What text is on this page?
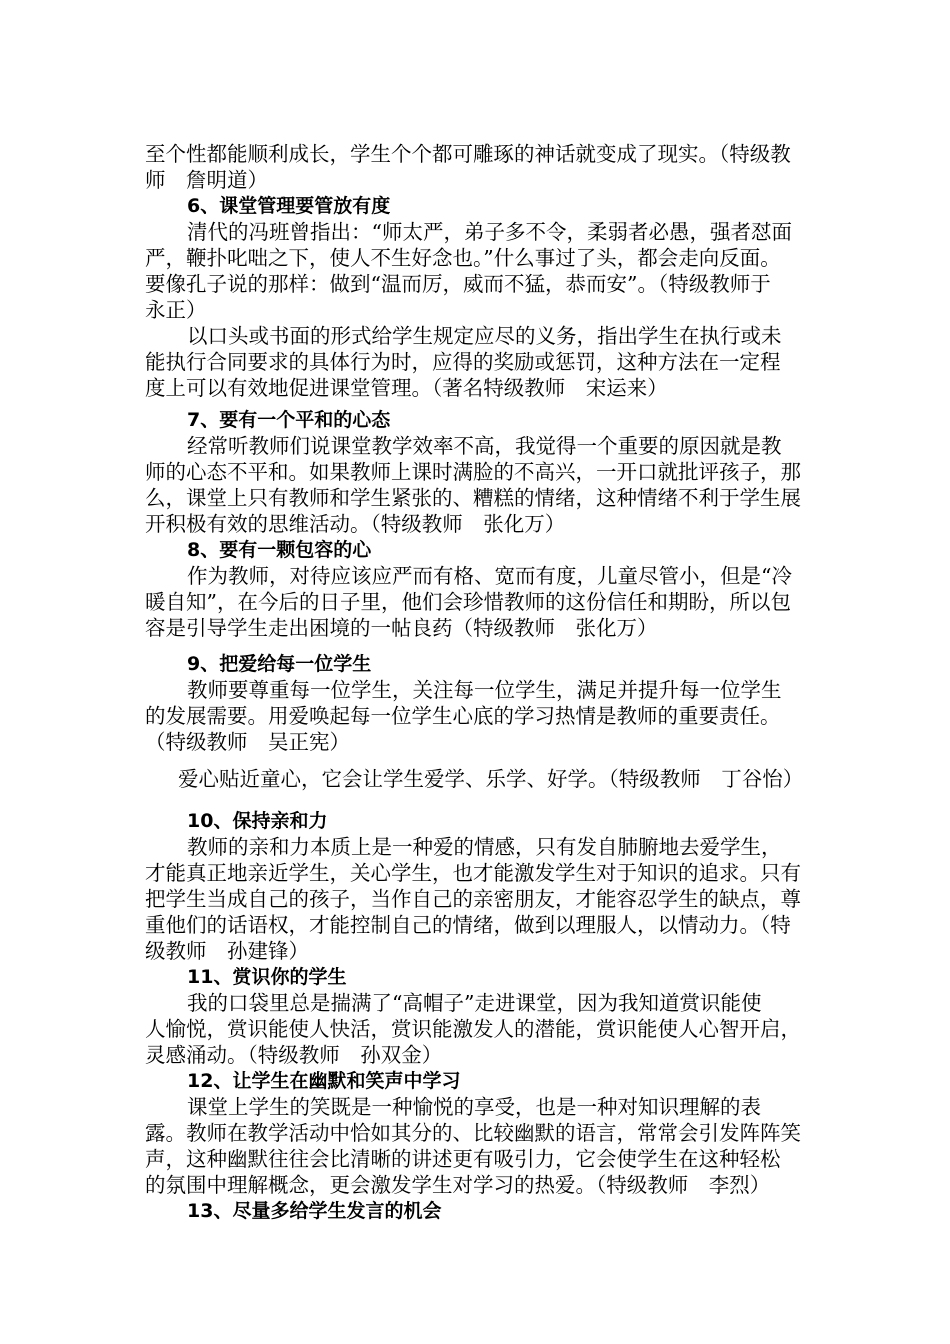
至个性都能顺利成长，学生个个都可雕琢的神话就变成了现实。（特级教
师　詹明道）
6、课堂管理要管放有度
清代的冯班曾指出：“师太严，弟子多不令，柔弱者必愚，强者怼面
严，鞭扑叱咄之下，使人不生好念也。”什么事过了头，都会走向反面。
要像孔子说的那样：做到“温而厉，威而不猛，恭而安”。（特级教师于
永正）
以口头或书面的形式给学生规定应尽的义务，指出学生在执行或未
能执行合同要求的具体行为时，应得的奖励或惩罚，这种方法在一定程
度上可以有效地促进课堂管理。（著名特级教师　宋运来）
7、要有一个平和的心态
经常听教师们说课堂教学效率不高，我觉得一个重要的原因就是教
师的心态不平和。如果教师上课时满脸的不高兴，一开口就批评孩子，那
么，课堂上只有教师和学生紧张的、糟糕的情绪，这种情绪不利于学生展
开积极有效的思维活动。（特级教师　张化万）
8、要有一颗包容的心
作为教师，对待应该应严而有格、宽而有度，儿童尽管小，但是“冷
暖自知”，在今后的日子里，他们会珍惜教师的这份信任和期盼，所以包
容是引导学生走出困境的一帖良药（特级教师　张化万）
9、把爱给每一位学生
教师要尊重每一位学生，关注每一位学生，满足并提升每一位学生
的发展需要。用爱唤起每一位学生心底的学习热情是教师的重要责任。
（特级教师　吴正宪）
爱心贴近童心，它会让学生爱学、乐学、好学。（特级教师　丁谷怡）
10、保持亲和力
教师的亲和力本质上是一种爱的情感，只有发自肺腑地去爱学生，
才能真正地亲近学生，关心学生，也才能激发学生对于知识的追求。只有
把学生当成自己的孩子，当作自己的亲密朋友，才能容忍学生的缺点，尊
重他们的话语权，才能控制自己的情绪，做到以理服人，以情动力。（特
级教师　孙建锋）
11、赏识你的学生
我的口袋里总是揣满了“高帽子”走进课堂，因为我知道赏识能使
人愉悦，赏识能使人快活，赏识能激发人的潜能，赏识能使人心智开启，
灵感涌动。（特级教师　孙双金）
12、让学生在幽默和笑声中学习
课堂上学生的笑既是一种愉悦的享受，也是一种对知识理解的表
露。教师在教学活动中恰如其分的、比较幽默的语言，常常会引发阵阵笑
声，这种幽默往往会比清晰的讲述更有吸引力，它会使学生在这种轻松
的氛围中理解概念，更会激发学生对学习的热爱。（特级教师　李烈）
13、尽量多给学生发言的机会
